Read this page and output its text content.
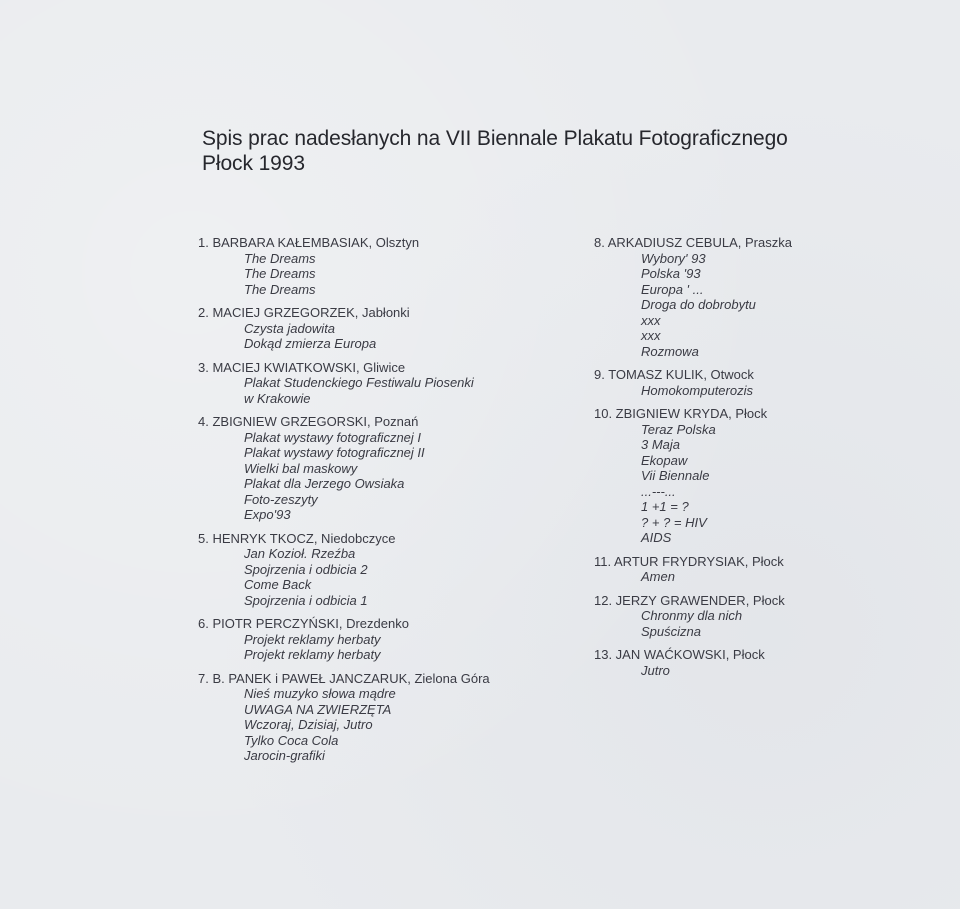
Spis prac nadesłanych na VII Biennale Plakatu Fotograficznego
Płock 1993
1. BARBARA KAŁEMBASIAK, Olsztyn
The Dreams
The Dreams
The Dreams
2. MACIEJ GRZEGORZEK, Jabłonki
Czysta jadowita
Dokąd zmierza Europa
3. MACIEJ KWIATKOWSKI, Gliwice
Plakat Studenckiego Festiwalu Piosenki
w Krakowie
4. ZBIGNIEW GRZEGORSKI, Poznań
Plakat wystawy fotograficznej I
Plakat wystawy fotograficznej II
Wielki bal maskowy
Plakat dla Jerzego Owsiaka
Foto-zeszyty
Expo'93
5. HENRYK TKOCZ, Niedobczyce
Jan Kozioł. Rzeźba
Spojrzenia i odbicia 2
Come Back
Spojrzenia i odbicia 1
6. PIOTR PERCZYŃSKI, Drezdenko
Projekt reklamy herbaty
Projekt reklamy herbaty
7. B. PANEK i PAWEŁ JANCZARUK, Zielona Góra
Nieś muzyko słowa mądre
UWAGA NA ZWIERZĘTA
Wczoraj, Dzisiaj, Jutro
Tylko Coca Cola
Jarocin-grafiki
8. ARKADIUSZ CEBULA, Praszka
Wybory' 93
Polska '93
Europa ' ...
Droga do dobrobytu
xxx
xxx
Rozmowa
9. TOMASZ KULIK, Otwock
Homokomputerozis
10. ZBIGNIEW KRYDA, Płock
Teraz Polska
3 Maja
Ekopaw
Vii Biennale
...---...
1 +1 = ?
? + ? = HIV
AIDS
11. ARTUR FRYDRYSIAK, Płock
Amen
12. JERZY GRAWENDER, Płock
Chronmy dla nich
Spuścizna
13. JAN WAĆKOWSKI, Płock
Jutro
